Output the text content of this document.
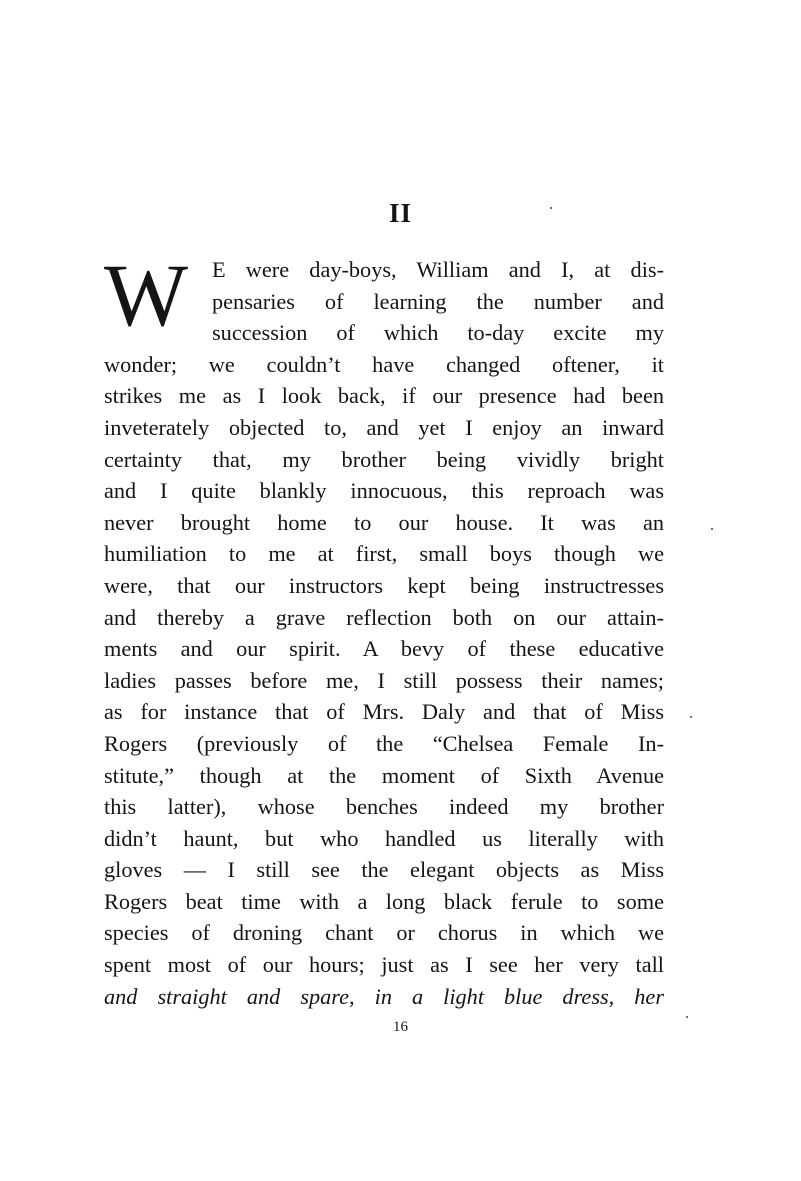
II
W E were day-boys, William and I, at dis-
pensaries of learning the number and
succession of which to-day excite my
wonder; we couldn’t have changed oftener, it
strikes me as I look back, if our presence had been
inveterately objected to, and yet I enjoy an inward
certainty that, my brother being vividly bright
and I quite blankly innocuous, this reproach was
never brought home to our house. It was an
humiliation to me at first, small boys though we
were, that our instructors kept being instructresses
and thereby a grave reflection both on our attain-
ments and our spirit. A bevy of these educative
ladies passes before me, I still possess their names;
as for instance that of Mrs. Daly and that of Miss
Rogers (previously of the “Chelsea Female In-
stitute,” though at the moment of Sixth Avenue
this latter), whose benches indeed my brother
didn’t haunt, but who handled us literally with
gloves — I still see the elegant objects as Miss
Rogers beat time with a long black ferule to some
species of droning chant or chorus in which we
spent most of our hours; just as I see her very tall
and straight and spare, in a light blue dress, her
16
